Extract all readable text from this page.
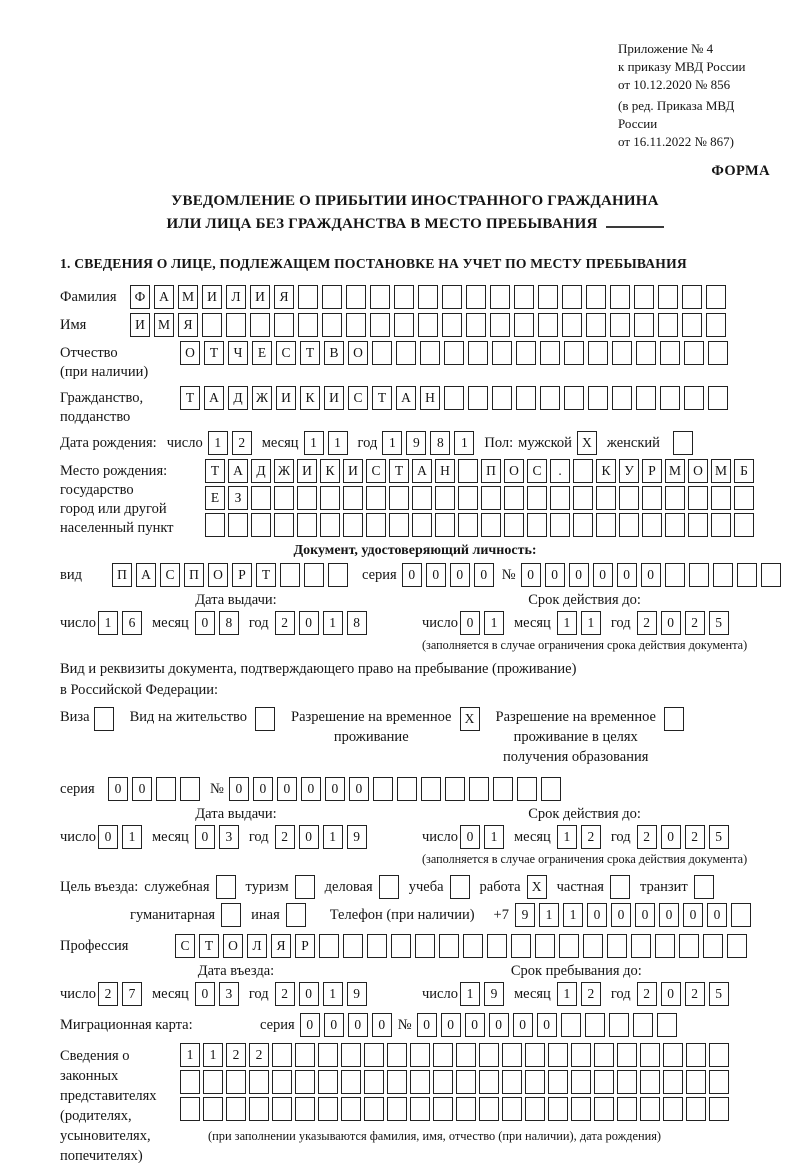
Приложение № 4
к приказу МВД России
от 10.12.2020 № 856
(в ред. Приказа МВД России
от 16.11.2022 № 867)
ФОРМА
УВЕДОМЛЕНИЕ О ПРИБЫТИИ ИНОСТРАННОГО ГРАЖДАНИНА
ИЛИ ЛИЦА БЕЗ ГРАЖДАНСТВА В МЕСТО ПРЕБЫВАНИЯ
1. СВЕДЕНИЯ О ЛИЦЕ, ПОДЛЕЖАЩЕМ ПОСТАНОВКЕ НА УЧЕТ ПО МЕСТУ ПРЕБЫВАНИЯ
Фамилия	Ф	А М И	Л	И	Я
Имя	И М Я
Отчество
(при наличии)
О	Т	Ч	Е	С	Т	В	О
Гражданство,
подданство
Т	А	Д Ж И	К	И	С	Т	А	Н
Дата рождения: число 1	2	месяц 1	1	год 1	9	8	1	Пол: мужской X	женский
Место рождения:
государство
город или другой
населенный пункт
Т	А	Д Ж И	К	И	С	Т	А Н	П О	С	.	К	У	Р М О М Б
Е	З
Документ, удостоверяющий личность:
вид	П	А	С	П	О	Р	Т	серия 0	0	0	0	№ 0	0	0	0	0	0
Дата выдачи:
число 1	6	месяц 0	8	год 2	0	1	8
Срок действия до:
число 0	1	месяц 1	1	год 2	0	2	5
(заполняется в случае ограничения срока действия документа)
Вид и реквизиты документа, подтверждающего право на пребывание (проживание)
в Российской Федерации:
Виза	Вид на жительство	Разрешение на временное
проживание
X	Разрешение на временное
проживание в целях
получения образования
серия	0	0	№ 0	0	0	0	0	0
Дата выдачи:
число 0	1	месяц 0	3	год 2	0	1	9
Срок действия до:
число 0	1	месяц 1	2	год 2	0	2	5
(заполняется в случае ограничения срока действия документа)
Цель въезда: служебная туризм деловая учеба работа X	частная транзит
гуманитарная иная	Телефон (при наличии) +7 9	1	1	0	0	0	0	0	0
Профессия	С	Т	О	Л	Я	Р
Дата въезда:
число 2	7	месяц 0	3	год 2	0	1	9
Срок пребывания до:
число 1	9	месяц 1	2	год 2	0	2	5
Миграционная карта:	серия 0	0	0	0 № 0	0	0	0	0	0
Сведения о
законных
представителях
(родителях,
усыновителях,
попечителях)
1	1	2	2
(при заполнении указываются фамилия, имя, отчество (при наличии), дата рождения)
